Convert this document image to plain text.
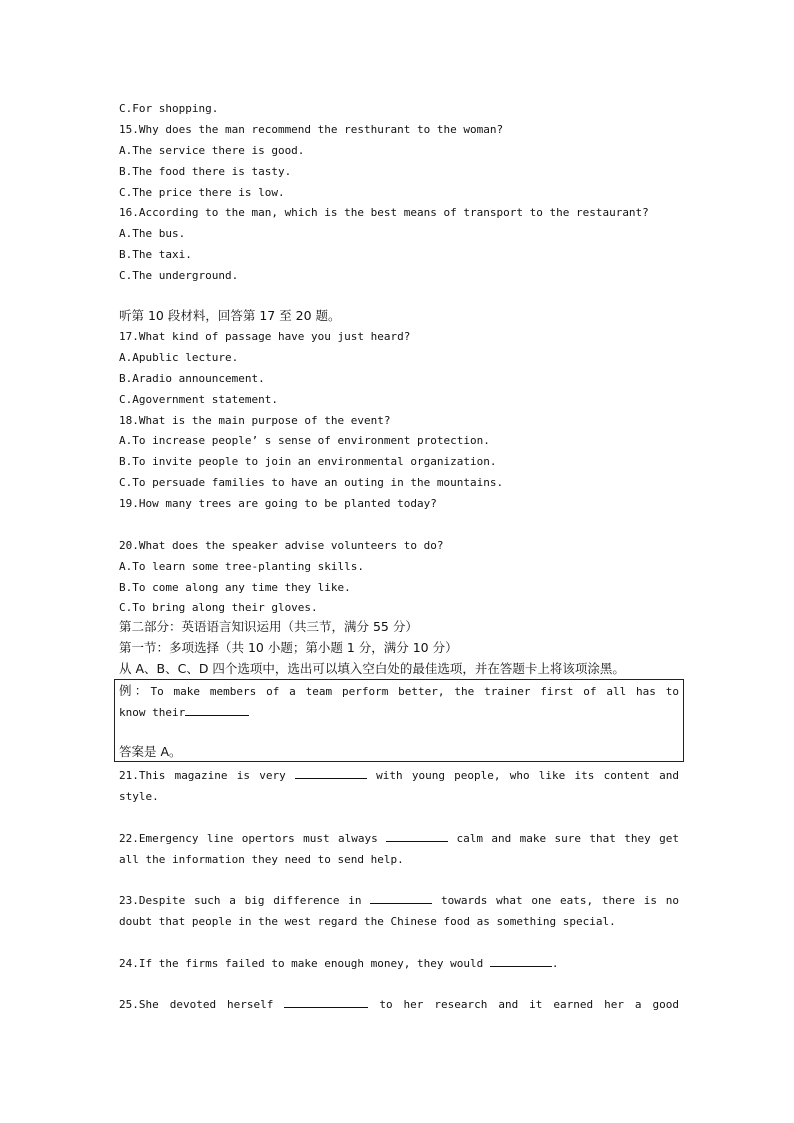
C.For shopping.
15.Why does the man recommend the resthurant to the woman?
A.The service there is good.
B.The food there is tasty.
C.The price there is low.
16.According to the man, which is the best means of transport to the restaurant?
A.The bus.
B.The taxi.
C.The underground.
听第 10 段材料，回答第 17 至 20 题。
17.What kind of passage have you just heard?
A.Apublic lecture.
B.Aradio announcement.
C.Agovernment statement.
18.What is the main purpose of the event?
A.To increase people’ s sense of environment protection.
B.To invite people to join an environmental organization.
C.To persuade families to have an outing in the mountains.
19.How many trees are going to be planted today?

20.What does the speaker advise volunteers to do?
A.To learn some tree-planting skills.
B.To come along any time they like.
C.To bring along their gloves.
第二部分：英语语言知识运用（共三节，满分 55 分）
第一节：多项选择（共 10 小题；第小题 1 分，满分 10 分）
从 A、B、C、D 四个选项中，选出可以填入空白处的最佳选项，并在答题卡上将该项涂黑。
例：To make members of a team perform better, the trainer first of all has to
know their

答案是 A。
21.This magazine is very	with young people, who like its content and
style.

22.Emergency line opertors must always	calm and make sure that they get
all the information they need to send help.

23.Despite such a big difference in	towards what one eats, there is no
doubt that people in the west regard the Chinese food as something special.

24.If the firms failed to make enough money, they would	.

25.She devoted herself	to her research and it earned her a good
